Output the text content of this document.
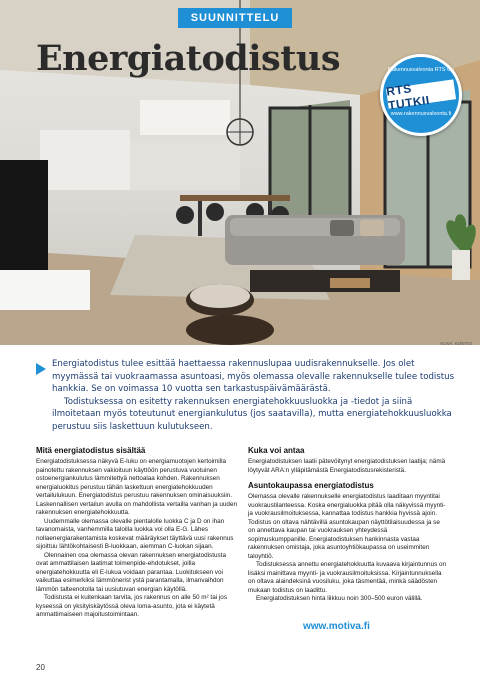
SUUNNITTELU
Energiatodistus	Rakennusvalvonta RTS Oy
RTS TUTKII
www.rakennusvalvonta.fi
KUVA: KONTIO

Energiatodistus tulee esittää haettaessa rakennuslupaa uudisrakennukselle. Jos olet myymässä tai vuokraamassa asuntoasi, myös olemassa olevalle rakennukselle tulee todistus hankkia. Se on voimassa 10 vuotta sen tarkastuspäivämäärästä.

Todistuksessa on esitetty rakennuksen energiatehokkuusluokka ja -tiedot ja siinä ilmoitetaan myös toteutunut energiankulutus (jos saatavilla), mutta energiatehokkuusluokka perustuu siis laskettuun kulutukseen.

Mitä energiatodistus sisältää

Energiatodistuksessa näkyvä E-luku on energiamuotojen kertoimilla painotettu rakennuksen vakioituun käyttöön perustuva vuotuinen ostoenergiankulutus lämmitettyä nettoalaa kohden. Rakennuksen energialuokitus perustuu tähän laskettuun energiatehokkuuden vertailulukuun. Energiatodistus perustuu rakennuksen ominaisuuksiin. Laskennallisen vertailun avulla on mahdollista vertailla vanhan ja uuden rakennuksen energiatehokkuutta.

Uudemmalle olemassa olevalle pientalolle luokka C ja D on ihan tavanomaista, vanhemmilla taloilla luokka voi olla E-G. Lähes nollaenergiarakentamista koskevat määräykset täyttävä uusi rakennus sijoittuu lähtökohtaisesti B-luokkaan, aiemman C-luokan sijaan.

Olennainen osa olemassa olevan rakennuksen energiatodistusta ovat ammattilaisen laatimat toimenpide-ehdotukset, joilla energiatehokkuutta eli E-lukua voidaan parantaa. Luokitukseen voi vaikuttaa esimerkiksi lämmönerist ystä parantamalla, ilmanvaihdon lämmön talteenotolla tai uusiutuvan energian käytöllä.

Todistusta ei kuitenkaan tarvita, jos rakennus on alle 50 m² tai jos kyseessä on yksityiskäytössä oleva loma-asunto, jota ei käytetä ammattimaiseen majoitustoimintaan.

Kuka voi antaa

Energiatodistuksen laatii pätevöitynyt energiatodistuksen laatija; nämä löytyvät ARA:n ylläpitämästä Energiatodistusrekisteristä.

Asuntokaupassa energiatodistus

Olemassa olevalle rakennukselle energiatodistus laaditaan myyntitai vuokraustilanteessa. Koska energialuokka pitää olla näkyvissä myynti- ja vuokrausilmoituksessa, kannattaa todistus hankkia hyvissä ajoin. Todistus on oltava nähtävillä asuntokaupan näyttötilaisuudessa ja se on annettava kaupan tai vuokrauksen yhteydessä sopimuskumppanille. Energiatodistuksen hankinnasta vastaa rakennuksen omistaja, joka asuntoyhtiökaupassa on useimmiten taloyhtiö.

Todistuksessa annettu energiatehokkuutta kuvaava kirjaintunnus on lisäksi mainittava myynti- ja vuokrausilmoituksissa. Kirjaintunnuksella on oltava alaindeksinä vuosiluku, joka täsmentää, minkä säädösten mukaan todistus on laadittu.

Energiatodistuksen hinta liikkuu noin 300–500 euron välillä.

www.motiva.fi
20
